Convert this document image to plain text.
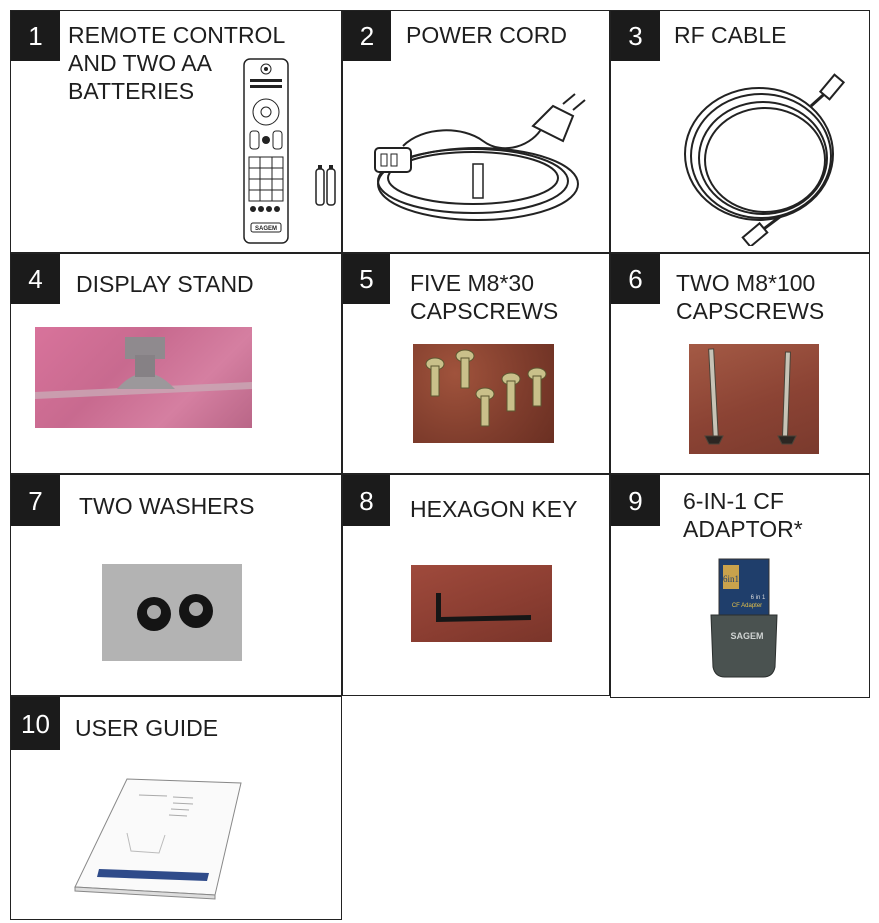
1	REMOTE CONTROL
AND TWO AA
BATTERIES
SAGEM
2	POWER CORD	3	RF CABLE
4	DISPLAY STAND	5	FIVE M8*30
CAPSCREWS
6	TWO M8*100
CAPSCREWS
7	TWO WASHERS	8	HEXAGON KEY	9	6-IN-1 CF
ADAPTOR*
6in1
6 in 1
CF Adapter
SAGEM
10	USER GUIDE
